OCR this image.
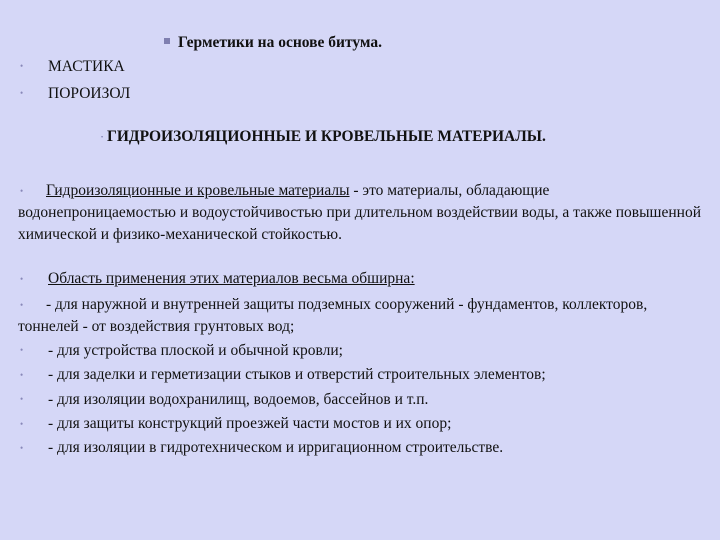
Герметики на основе битума.
• МАСТИКА
• ПОРОИЗОЛ
• ГИДРОИЗОЛЯЦИОННЫЕ И КРОВЕЛЬНЫЕ МАТЕРИАЛЫ.
•	Гидроизоляционные и кровельные материалы - это материалы, обладающие водонепроницаемостью и водоустойчивостью при длительном воздействии воды, а также повышенной химической и физико-механической стойкостью.
• Область применения этих материалов весьма обширна:
•	- для наружной и внутренней защиты подземных сооружений - фундаментов, коллекторов, тоннелей - от воздействия грунтовых вод;
• - для устройства плоской и обычной кровли;
• - для заделки и герметизации стыков и отверстий строительных элементов;
• - для изоляции водохранилищ, водоемов, бассейнов и т.п.
• - для защиты конструкций проезжей части мостов и их опор;
• - для изоляции в гидротехническом и ирригационном строительстве.
